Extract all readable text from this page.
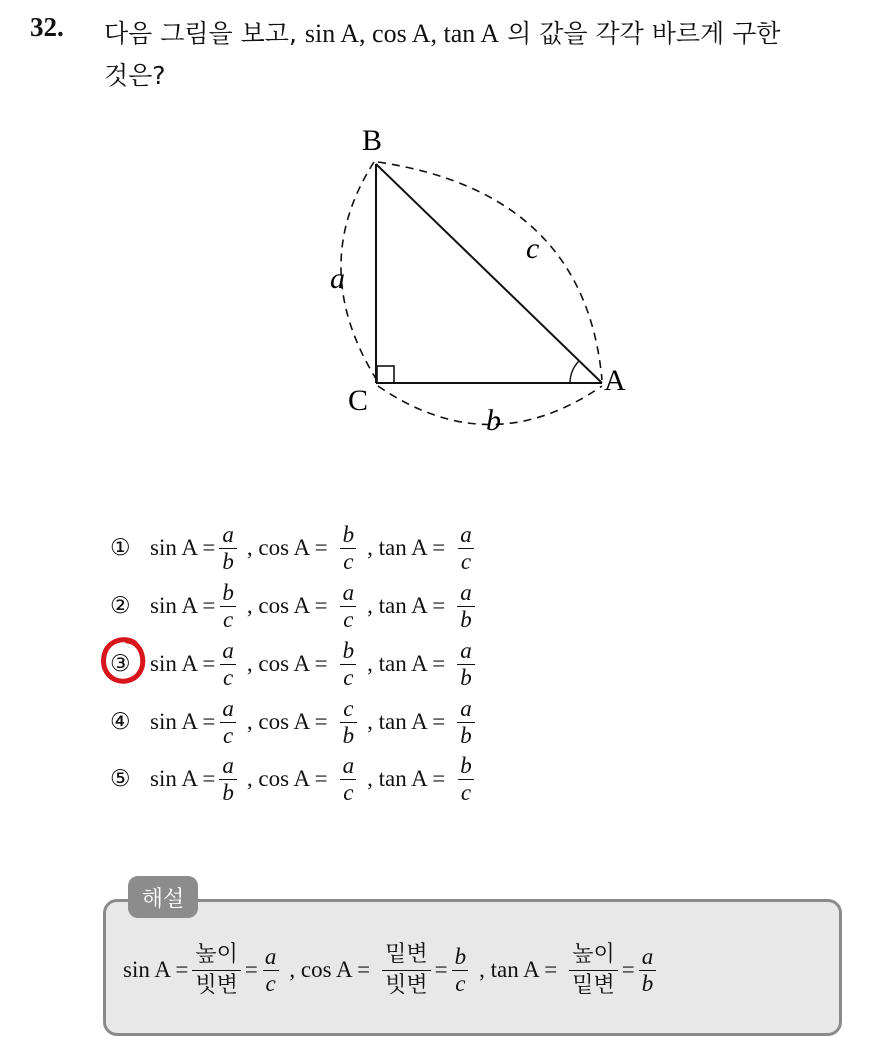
32. 다음 그림을 보고, sin A, cos A, tan A 의 값을 각각 바르게 구한
것은?
B
C
A
a
b
c
① $\sin A = \frac{a}{b}$ , $\cos A = \frac{b}{c}$ , $\tan A = \frac{a}{c}$
② $\sin A = \frac{b}{c}$ , $\cos A = \frac{a}{c}$ , $\tan A = \frac{a}{b}$
③ $\sin A = \frac{a}{c}$ , $\cos A = \frac{b}{c}$ , $\tan A = \frac{a}{b}$
④ $\sin A = \frac{a}{c}$ , $\cos A = \frac{c}{b}$ , $\tan A = \frac{a}{b}$
⑤ $\sin A = \frac{a}{b}$ , $\cos A = \frac{a}{c}$ , $\tan A = \frac{b}{c}$
해설
$\sin A = \frac{\text{높이}}{\text{빗변}} = \frac{a}{c}$ , $\cos A = \frac{\text{밑변}}{\text{빗변}} = \frac{b}{c}$ , $\tan A = \frac{\text{높이}}{\text{밑변}} = \frac{a}{b}$
